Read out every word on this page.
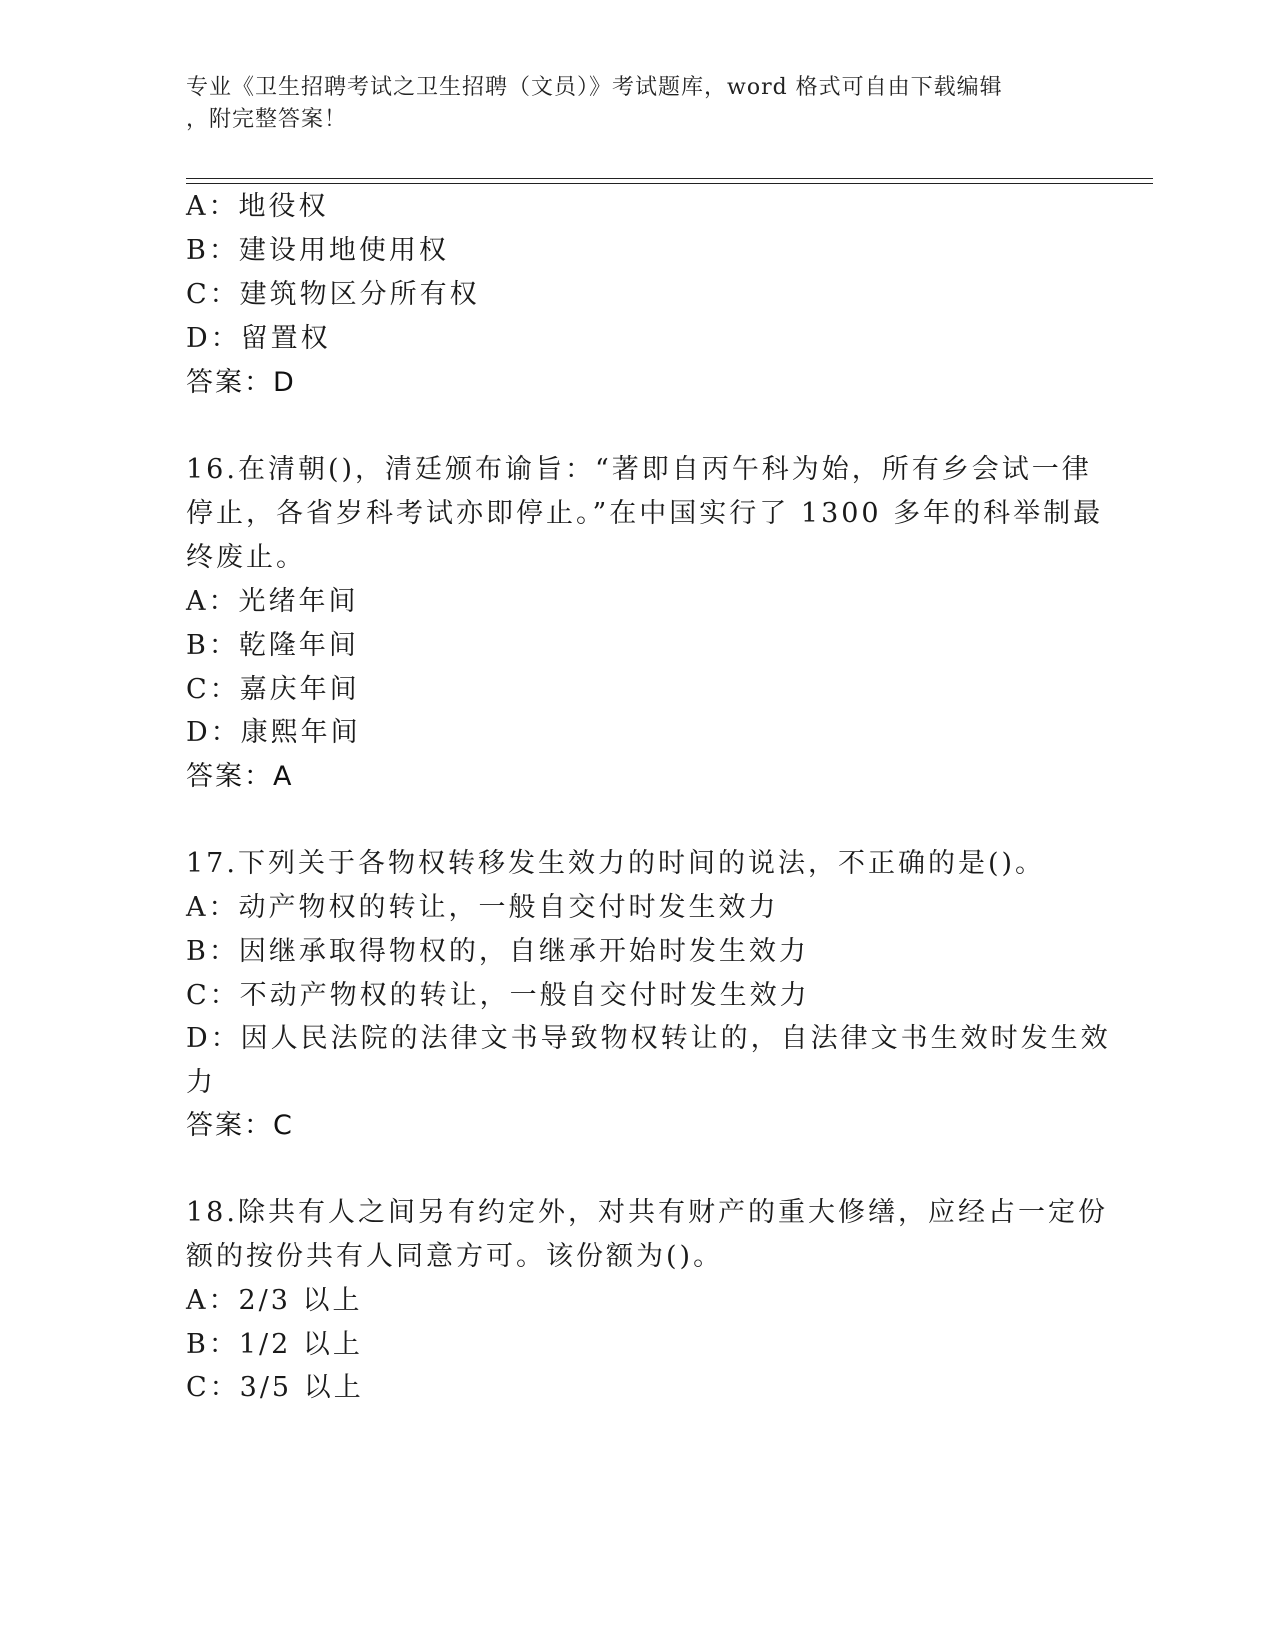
专业《卫生招聘考试之卫生招聘（文员）》考试题库，word 格式可自由下载编辑
，附完整答案！
A：地役权
B：建设用地使用权
C：建筑物区分所有权
D：留置权
答案：D
16.在清朝()，清廷颁布谕旨：“著即自丙午科为始，所有乡会试一律
停止，各省岁科考试亦即停止。”在中国实行了 1300 多年的科举制最
终废止。
A：光绪年间
B：乾隆年间
C：嘉庆年间
D：康熙年间
答案：A
17.下列关于各物权转移发生效力的时间的说法，不正确的是()。
A：动产物权的转让，一般自交付时发生效力
B：因继承取得物权的，自继承开始时发生效力
C：不动产物权的转让，一般自交付时发生效力
D：因人民法院的法律文书导致物权转让的，自法律文书生效时发生效
力
答案：C
18.除共有人之间另有约定外，对共有财产的重大修缮，应经占一定份
额的按份共有人同意方可。该份额为()。
A：2/3 以上
B：1/2 以上
C：3/5 以上
